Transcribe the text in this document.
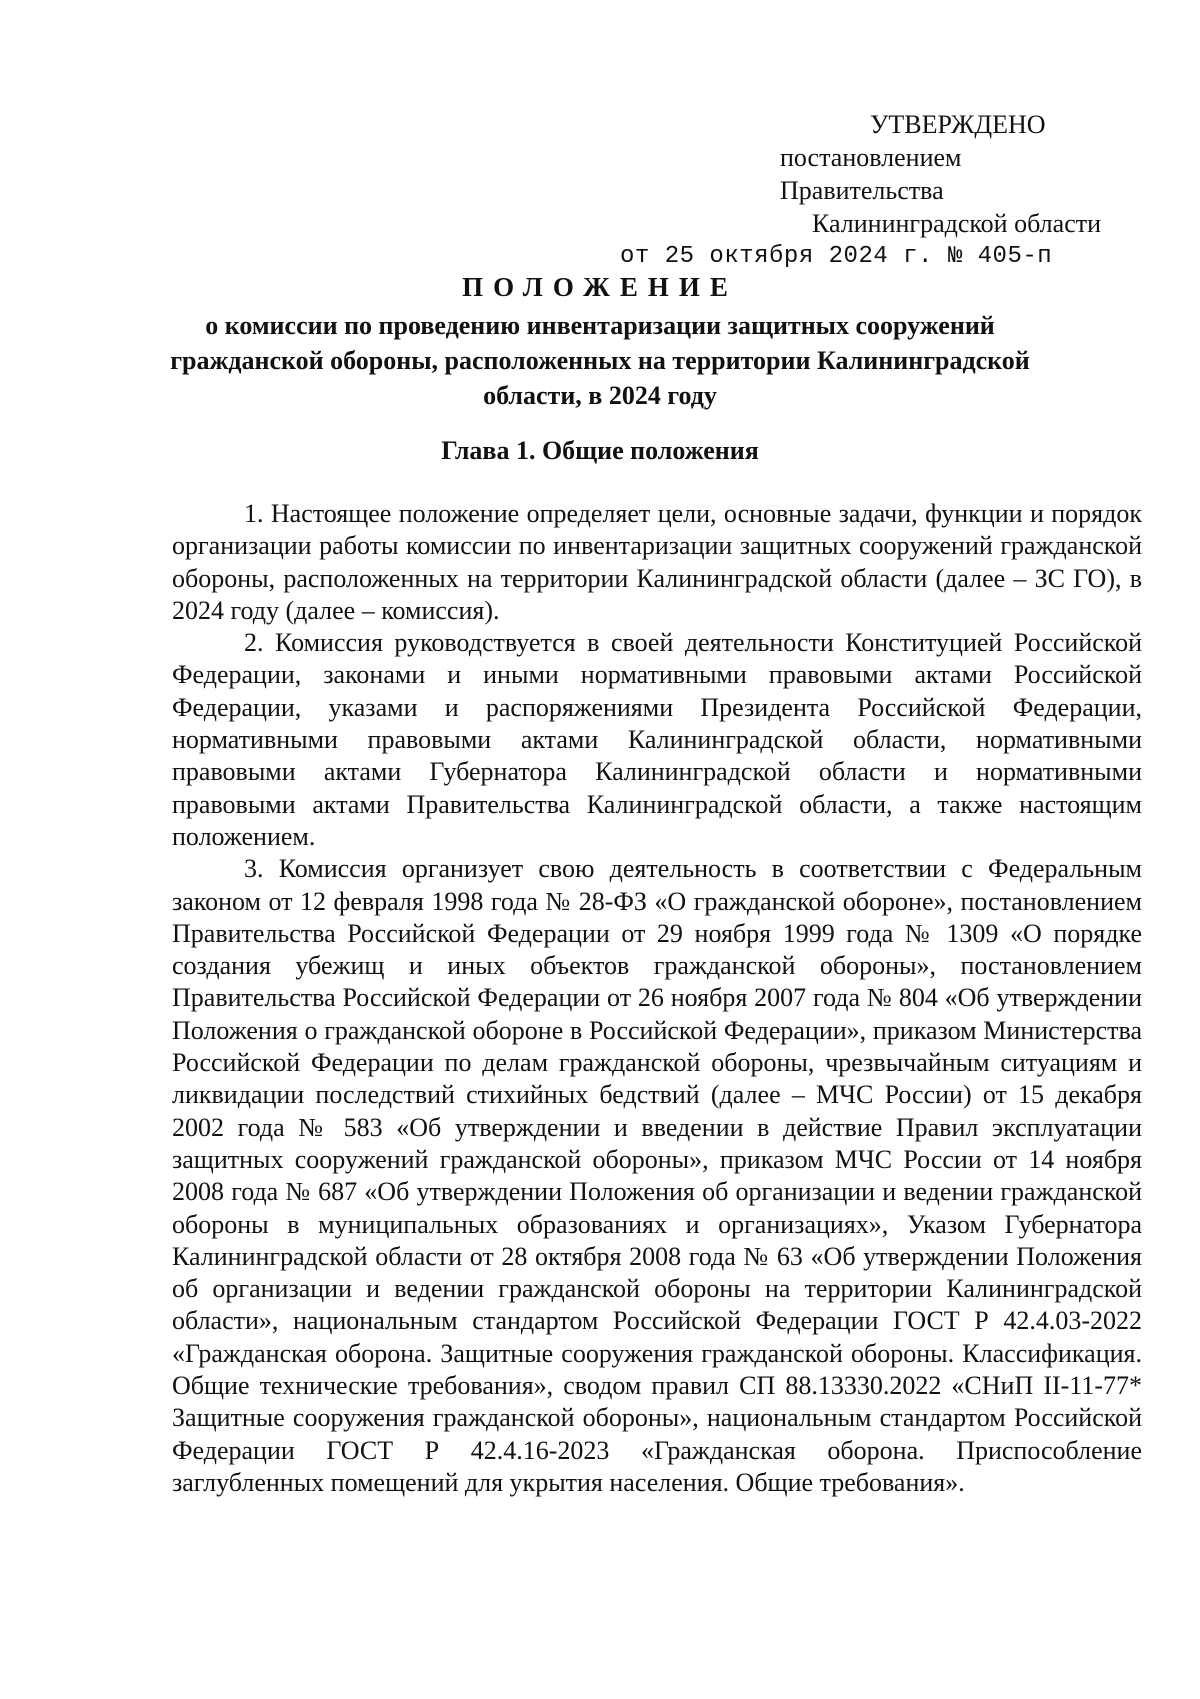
УТВЕРЖДЕНО
постановлением Правительства
Калининградской области
от 25 октября 2024 г. № 405-п
ПОЛОЖЕНИЕ
о комиссии по проведению инвентаризации защитных сооружений гражданской обороны, расположенных на территории Калининградской области, в 2024 году
Глава 1. Общие положения

1. Настоящее положение определяет цели, основные задачи, функции и порядок организации работы комиссии по инвентаризации защитных сооружений гражданской обороны, расположенных на территории Калининградской области (далее – ЗС ГО), в 2024 году (далее – комиссия).

2. Комиссия руководствуется в своей деятельности Конституцией Российской Федерации, законами и иными нормативными правовыми актами Российской Федерации, указами и распоряжениями Президента Российской Федерации, нормативными правовыми актами Калининградской области, нормативными правовыми актами Губернатора Калининградской области и нормативными правовыми актами Правительства Калининградской области, а также настоящим положением.

3. Комиссия организует свою деятельность в соответствии с Федеральным законом от 12 февраля 1998 года № 28-ФЗ «О гражданской обороне», постановлением Правительства Российской Федерации от 29 ноября 1999 года № 1309 «О порядке создания убежищ и иных объектов гражданской обороны», постановлением Правительства Российской Федерации от 26 ноября 2007 года № 804 «Об утверждении Положения о гражданской обороне в Российской Федерации», приказом Министерства Российской Федерации по делам гражданской обороны, чрезвычайным ситуациям и ликвидации последствий стихийных бедствий (далее – МЧС России) от 15 декабря 2002 года № 583 «Об утверждении и введении в действие Правил эксплуатации защитных сооружений гражданской обороны», приказом МЧС России от 14 ноября 2008 года № 687 «Об утверждении Положения об организации и ведении гражданской обороны в муниципальных образованиях и организациях», Указом Губернатора Калининградской области от 28 октября 2008 года № 63 «Об утверждении Положения об организации и ведении гражданской обороны на территории Калининградской области», национальным стандартом Российской Федерации ГОСТ Р 42.4.03-2022 «Гражданская оборона. Защитные сооружения гражданской обороны. Классификация. Общие технические требования», сводом правил СП 88.13330.2022 «СНиП II-11-77* Защитные сооружения гражданской обороны», национальным стандартом Российской Федерации ГОСТ Р 42.4.16-2023 «Гражданская оборона. Приспособление заглубленных помещений для укрытия населения. Общие требования».
